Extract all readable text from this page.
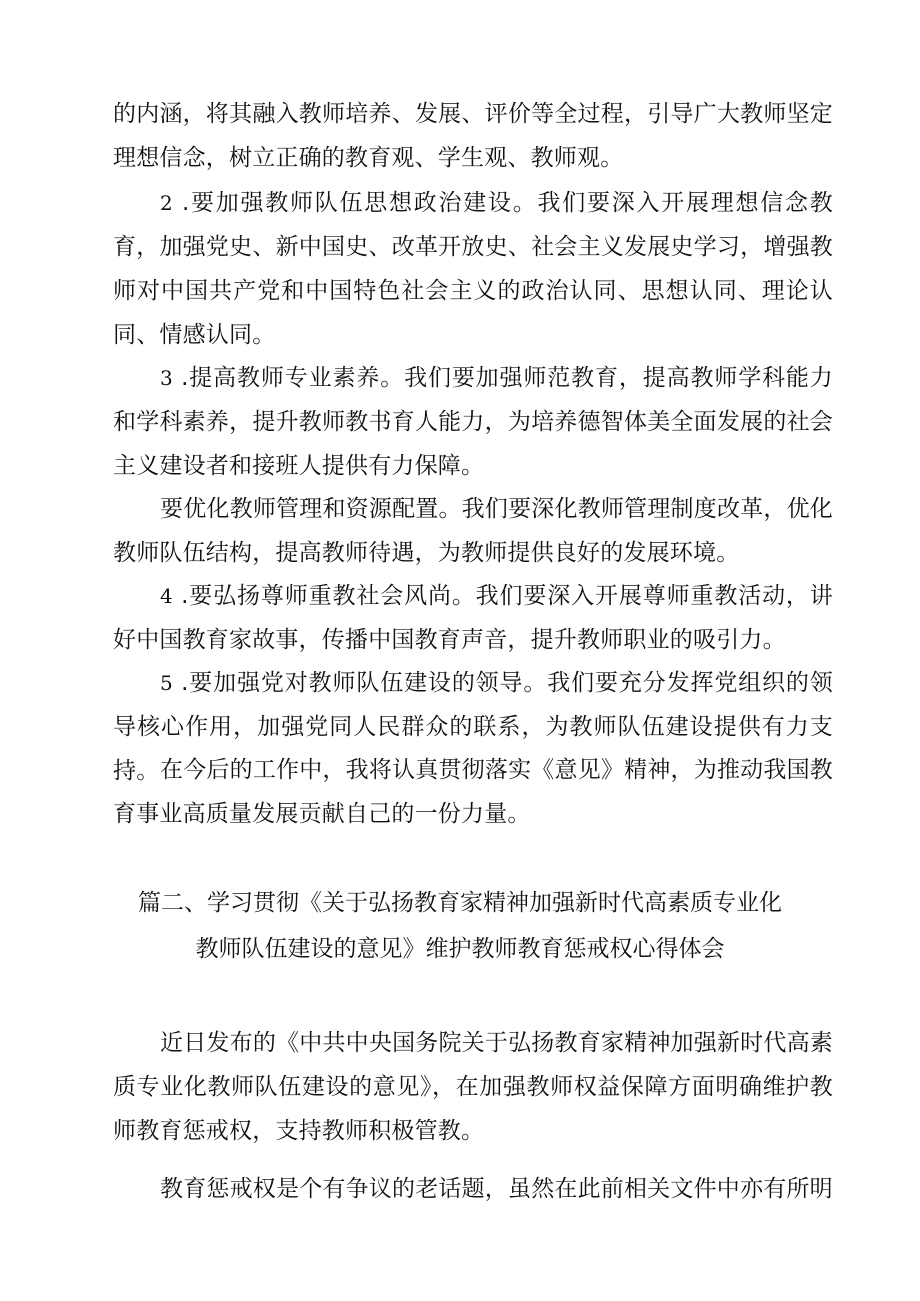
的内涵，将其融入教师培养、发展、评价等全过程，引导广大教师坚定理想信念，树立正确的教育观、学生观、教师观。

2 .要加强教师队伍思想政治建设。我们要深入开展理想信念教育，加强党史、新中国史、改革开放史、社会主义发展史学习，增强教师对中国共产党和中国特色社会主义的政治认同、思想认同、理论认同、情感认同。

3 .提高教师专业素养。我们要加强师范教育，提高教师学科能力和学科素养，提升教师教书育人能力，为培养德智体美全面发展的社会主义建设者和接班人提供有力保障。

要优化教师管理和资源配置。我们要深化教师管理制度改革，优化教师队伍结构，提高教师待遇，为教师提供良好的发展环境。

4 .要弘扬尊师重教社会风尚。我们要深入开展尊师重教活动，讲好中国教育家故事，传播中国教育声音，提升教师职业的吸引力。

5 .要加强党对教师队伍建设的领导。我们要充分发挥党组织的领导核心作用，加强党同人民群众的联系，为教师队伍建设提供有力支持。 在今后的工作中，我将认真贯彻落实《意见》精神，为推动我国教育事业高质量发展贡献自己的一份力量。

篇二、学习贯彻《关于弘扬教育家精神加强新时代高素质专业化

教师队伍建设的意见》维护教师教育惩戒权心得体会

近日发布的《中共中央国务院关于弘扬教育家精神加强新时代高素质专业化教师队伍建设的意见》，在加强教师权益保障方面明确维护教师教育惩戒权，支持教师积极管教。

教育惩戒权是个有争议的老话题，虽然在此前相关文件中亦有所明
